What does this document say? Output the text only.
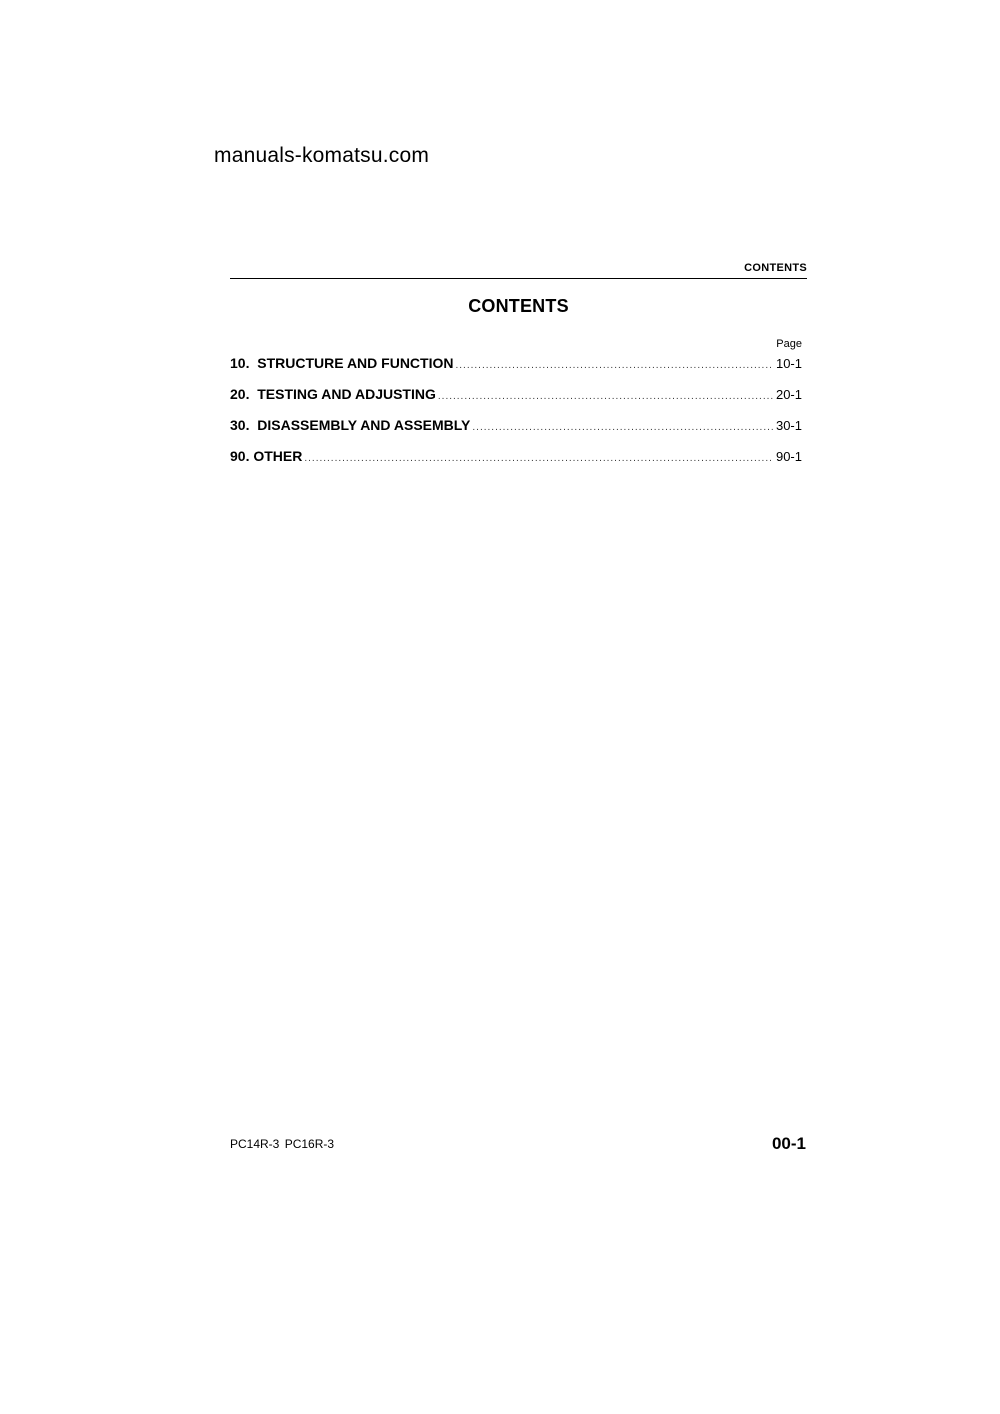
manuals-komatsu.com
CONTENTS
CONTENTS
Page
10.  STRUCTURE AND FUNCTION .....	10-1
20.  TESTING AND ADJUSTING .....	20-1
30.  DISASSEMBLY AND ASSEMBLY .....	30-1
90. OTHER .....	90-1
PC14R-3 PC16R-3	00-1
